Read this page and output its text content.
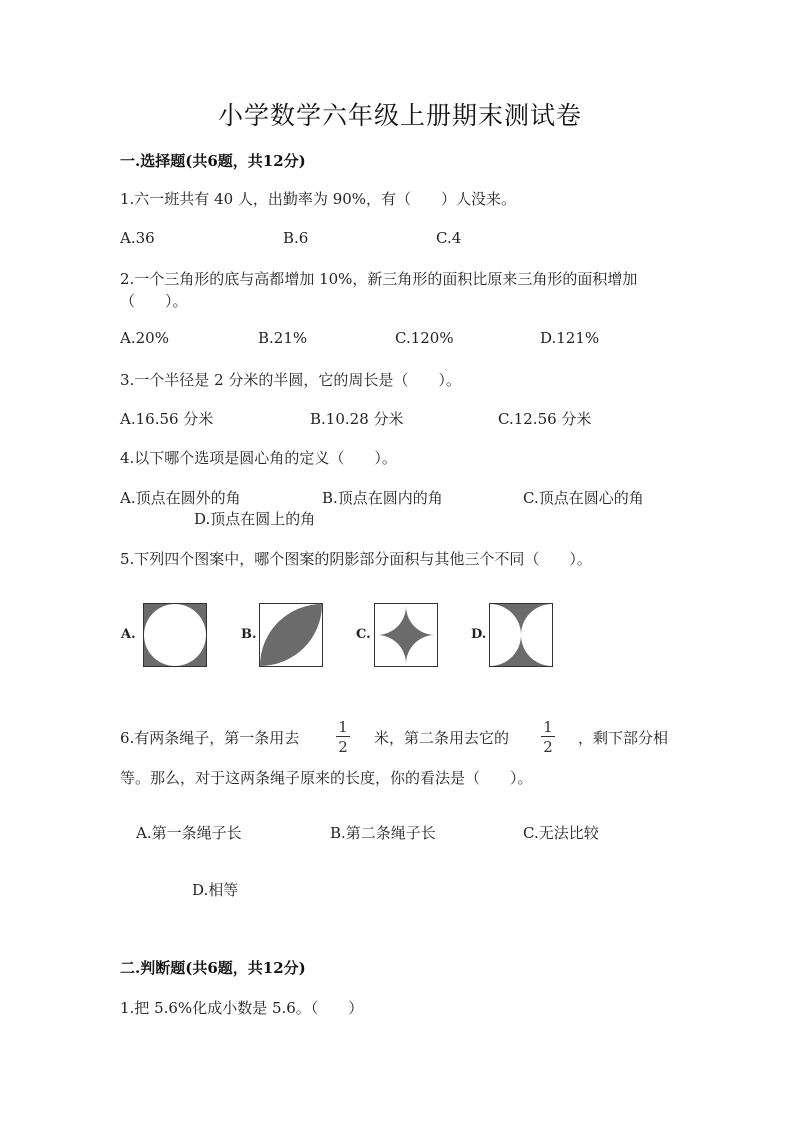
小学数学六年级上册期末测试卷
一.选择题(共6题，共12分)
1.六一班共有 40 人，出勤率为 90%，有（　　）人没来。
A.36	B.6	C.4
2.一个三角形的底与高都增加 10%，新三角形的面积比原来三角形的面积增加
（　　）。
A.20%	B.21%	C.120%	D.121%
3.一个半径是 2 分米的半圆，它的周长是（　　）。
A.16.56 分米	B.10.28 分米	C.12.56 分米
4.以下哪个选项是圆心角的定义（　　）。
A.顶点在圆外的角	B.顶点在圆内的角	C.顶点在圆心的角
D.顶点在圆上的角
5.下列四个图案中，哪个图案的阴影部分面积与其他三个不同（　　）。
A.	B.	C.	D.
6.有两条绳子，第一条用去
1
2 米，第二条用去它的
1
2 ，剩下部分相
等。那么，对于这两条绳子原来的长度，你的看法是（　　）。
A.第一条绳子长	B.第二条绳子长	C.无法比较
D.相等
二.判断题(共6题，共12分)
1.把 5.6%化成小数是 5.6。（　　）
